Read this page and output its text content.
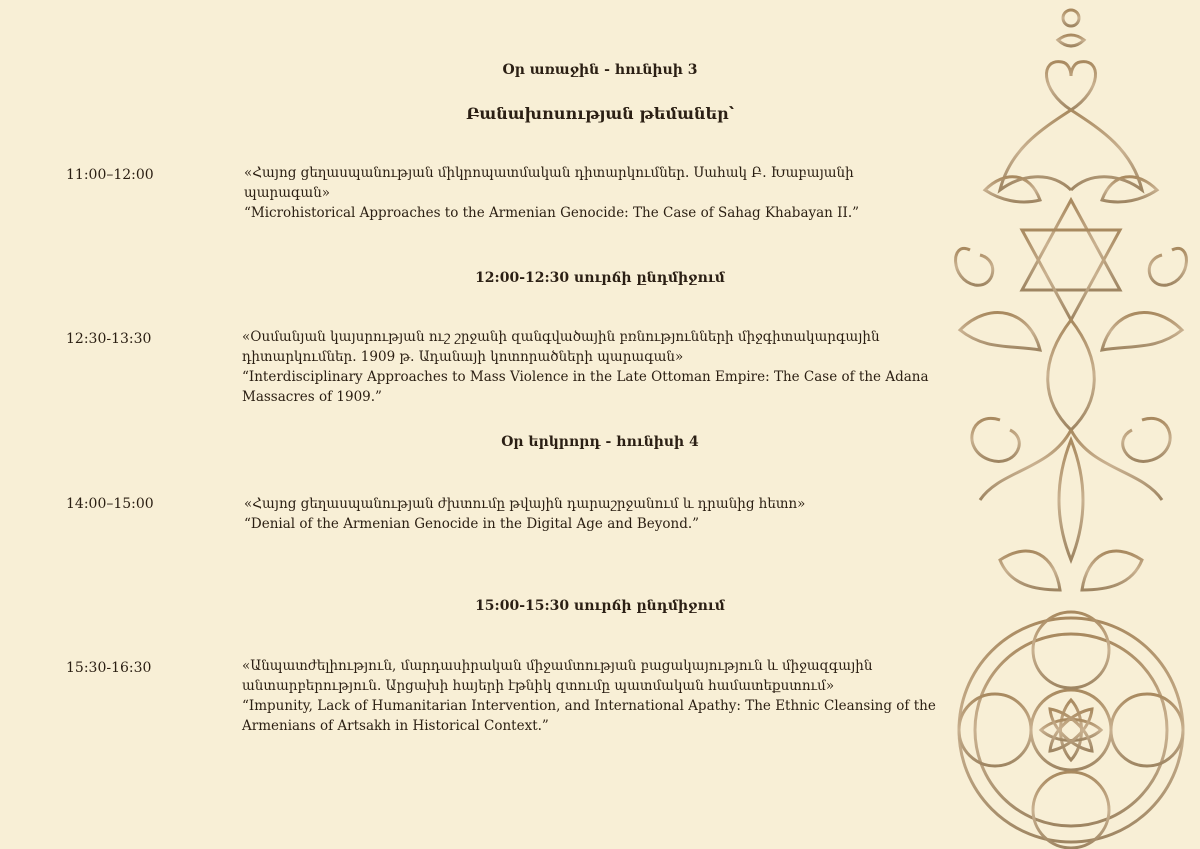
Օր առաջին - հունիսի 3
Բանախոսության թեմաներ՝
11:00–12:00	«Հայոց ցեղասպանության միկրոպատմական դիտարկումներ. Սահակ Բ. Խաբայանի պարագան»
“Microhistorical Approaches to the Armenian Genocide: The Case of Sahag Khabayan II.”
12:00-12:30 սուրճի ընդմիջում
12:30-13:30	«Օսմանյան կայսրության ուշ շրջանի զանգվածային բռնությունների միջգիտակարգային դիտարկումներ. 1909 թ. Ադանայի կոտորածների պարագան»
“Interdisciplinary Approaches to Mass Violence in the Late Ottoman Empire: The Case of the Adana Massacres of 1909.”
Օր երկրորդ - հունիսի 4
14:00–15:00	«Հայոց ցեղասպանության ժխտումը թվային դարաշրջանում և դրանից հետո»
“Denial of the Armenian Genocide in the Digital Age and Beyond.”
15:00-15:30 սուրճի ընդմիջում
15:30-16:30	«Անպատժելիություն, մարդասիրական միջամտության բացակայություն և միջազգային անտարբերություն. Արցախի հայերի էթնիկ զտումը պատմական համատեքստում»
“Impunity, Lack of Humanitarian Intervention, and International Apathy: The Ethnic Cleansing of the Armenians of Artsakh in Historical Context.”
